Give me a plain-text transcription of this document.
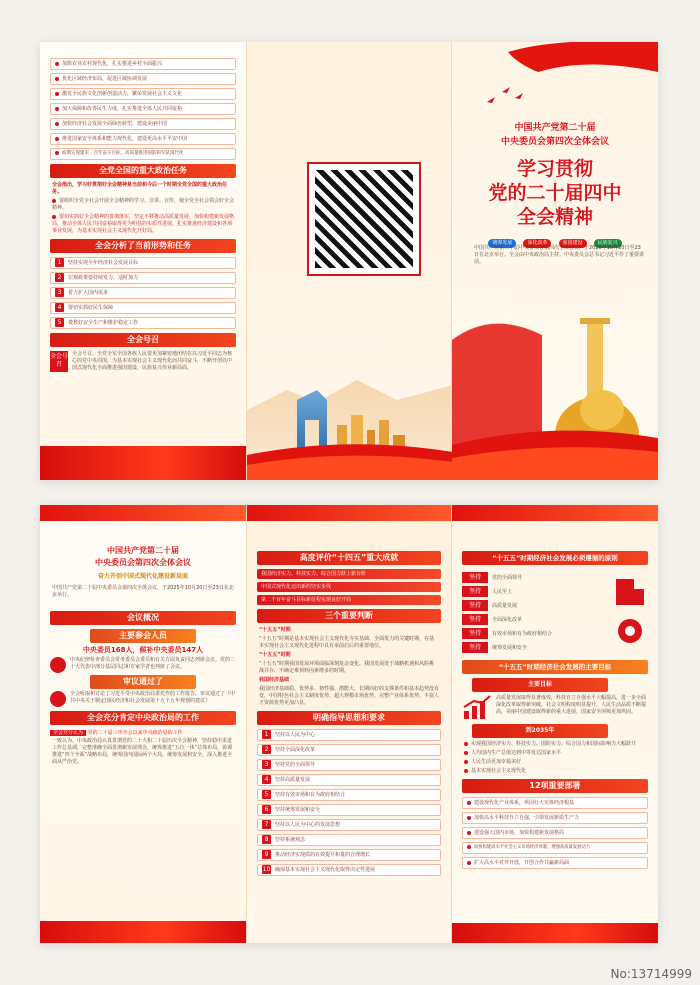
加快农业农村现代化，扎实推进乡村全面振兴
优化区域经济布局，促进区域协调发展
激发全民族文化创新创造活力，繁荣发展社会主义文化
加大保障和改善民生力度，扎实推进全体人民共同富裕
加快经济社会发展全面绿色转型，建设美丽中国
推进国家安全体系和能力现代化，建设更高水平平安中国
如期实现建军一百年奋斗目标，高质量推进国防和军队现代化
全党全国的重大政治任务
全会指出，学习好贯彻好全会精神是当前和今后一个时期全党全国的重大政治任务。
要组织全党全社会开展全会精神的学习、宣讲、宣传，使全党全社会领会好全会精神。
要切实抓好全会精神的贯彻落实，坚定不移推动高质量发展，加快构建新发展格局，推动全体人民共同富裕取得更为明显的实质性进展，扎实推进经济建设和各项事业发展，为基本实现社会主义现代化开好局。
全会分析了当前形势和任务
1 坚持实现全年经济社会发展目标
2 宏观政策要持续发力，适时加力
3 着力扩大国内需求
4 要切实抓好民生保障
5 费教好安全生产和维护稳定工作
全会号召
全会号召
全会号召，全党全军全国各族人民要更加紧密地团结在以习近平同志为核心的党中央周围，为基本实现社会主义现代化而共同奋斗，不断开创以中国式现代化全面推进强国建设、民族复兴伟业新局面。
中国共产党第二十届
中央委员会第四次全体会议
学习贯彻
党的二十届四中
全会精神
统筹发展	深化改革	强国建设	民族复兴
中国共产党第二十届中央委员会第四次全体会议，于2025年10月20日至23日在北京举行。全会由中央政治局主持。中央委员会总书记习近平作了重要讲话。
中国共产党第二十届
中央委员会第四次全体会议
奋力开创中国式现代化建设新局面
中国共产党第二十届中央委员会第四次全体会议，于2025年10月20日至23日在北京举行。
会议概况
主要参会人员
中央委员168人，候补中央委员147人
中央纪律检查委员会常务委员会委员和有关方面负责同志列席会议。党的二十大代表中部分基层同志和专家学者也列席了会议。
审议通过了
全会听取和讨论了习近平受中央政治局委托作的工作报告，审议通过了《中共中央关于制定国民经济和社会发展第十五个五年规划的建议》
全会充分肯定中央政治局的工作
全会充分认为 党的二十届三中全会以来中央政治局的工作
一致认为，中央政治局认真贯彻党的二十大和二十届历次全会精神，坚持稳中求进工作总基调，完整准确全面贯彻新发展理念，统筹推进“五位一体”总体布局，协调推进“四个全面”战略布局，统筹国内国际两个大局，统筹发展和安全，深入推进全面从严治党。
高度评价“十四五”重大成就
我国经济实力、科技实力、综合国力跃上新台阶
中国式现代化迈出新的坚实步伐
第二个百年奋斗目标新征程实现良好开局
三个重要判断
“十五五”时期
“十五五”时期是基本实现社会主义现代化夯实基础、全面发力的关键时期，在基本实现社会主义现代化进程中具有承前启后的重要地位。
“十五五”时期
“十五五”时期我国发展环境面临深刻复杂变化，我国发展处于战略机遇和风险挑战并存、不确定难预料因素增多的时期。
我国经济基础
我国经济基础稳、优势多、韧性强、潜能大，长期向好的支撑条件和基本趋势没有变，中国特色社会主义制度优势、超大规模市场优势、完整产业体系优势、丰富人才资源优势更加凸显。
明确指导思想和要求
1 坚持以人民为中心
2 坚持全面深化改革
3 坚持党的全面领导
4 坚持高质量发展
5 坚持有效市场和有为政府相结合
6 坚持统筹发展和安全
7 坚持以人民为中心的发展思想
8 坚持系统观念
9 推动经济实现质的有效提升和量的合理增长
10 确保基本实现社会主义现代化取得决定性进展
“十五五”时期经济社会发展必须遵循的原则
坚持 党的全面领导
坚持 人民至上
坚持 高质量发展
坚持 全面深化改革
坚持 有效市场和有为政府相结合
坚持 统筹发展和安全
“十五五”时期经济社会发展的主要目标
主要目标
高质量发展取得显著成效，科技自立自强水平大幅提高，进一步全面深化改革取得新突破，社会文明程度明显提升，人民生活品质不断提高，美丽中国建设取得新的重大进展，国家安全屏障更加巩固。
到2035年
实现我国经济实力、科技实力、国防实力、综合国力和国际影响力大幅跃升
人均国内生产总值达到中等发达国家水平
人民生活更加幸福美好
基本实现社会主义现代化
12项重要部署
建设现代化产业体系，巩固壮大实体经济根基
加快高水平科技自立自强，引领发展新质生产力
建设强大国内市场，加快构建新发展格局
加快构建高水平社会主义市场经济体制，增强高质量发展动力
扩大高水平对外开放，开创合作共赢新局面
No:13714999
